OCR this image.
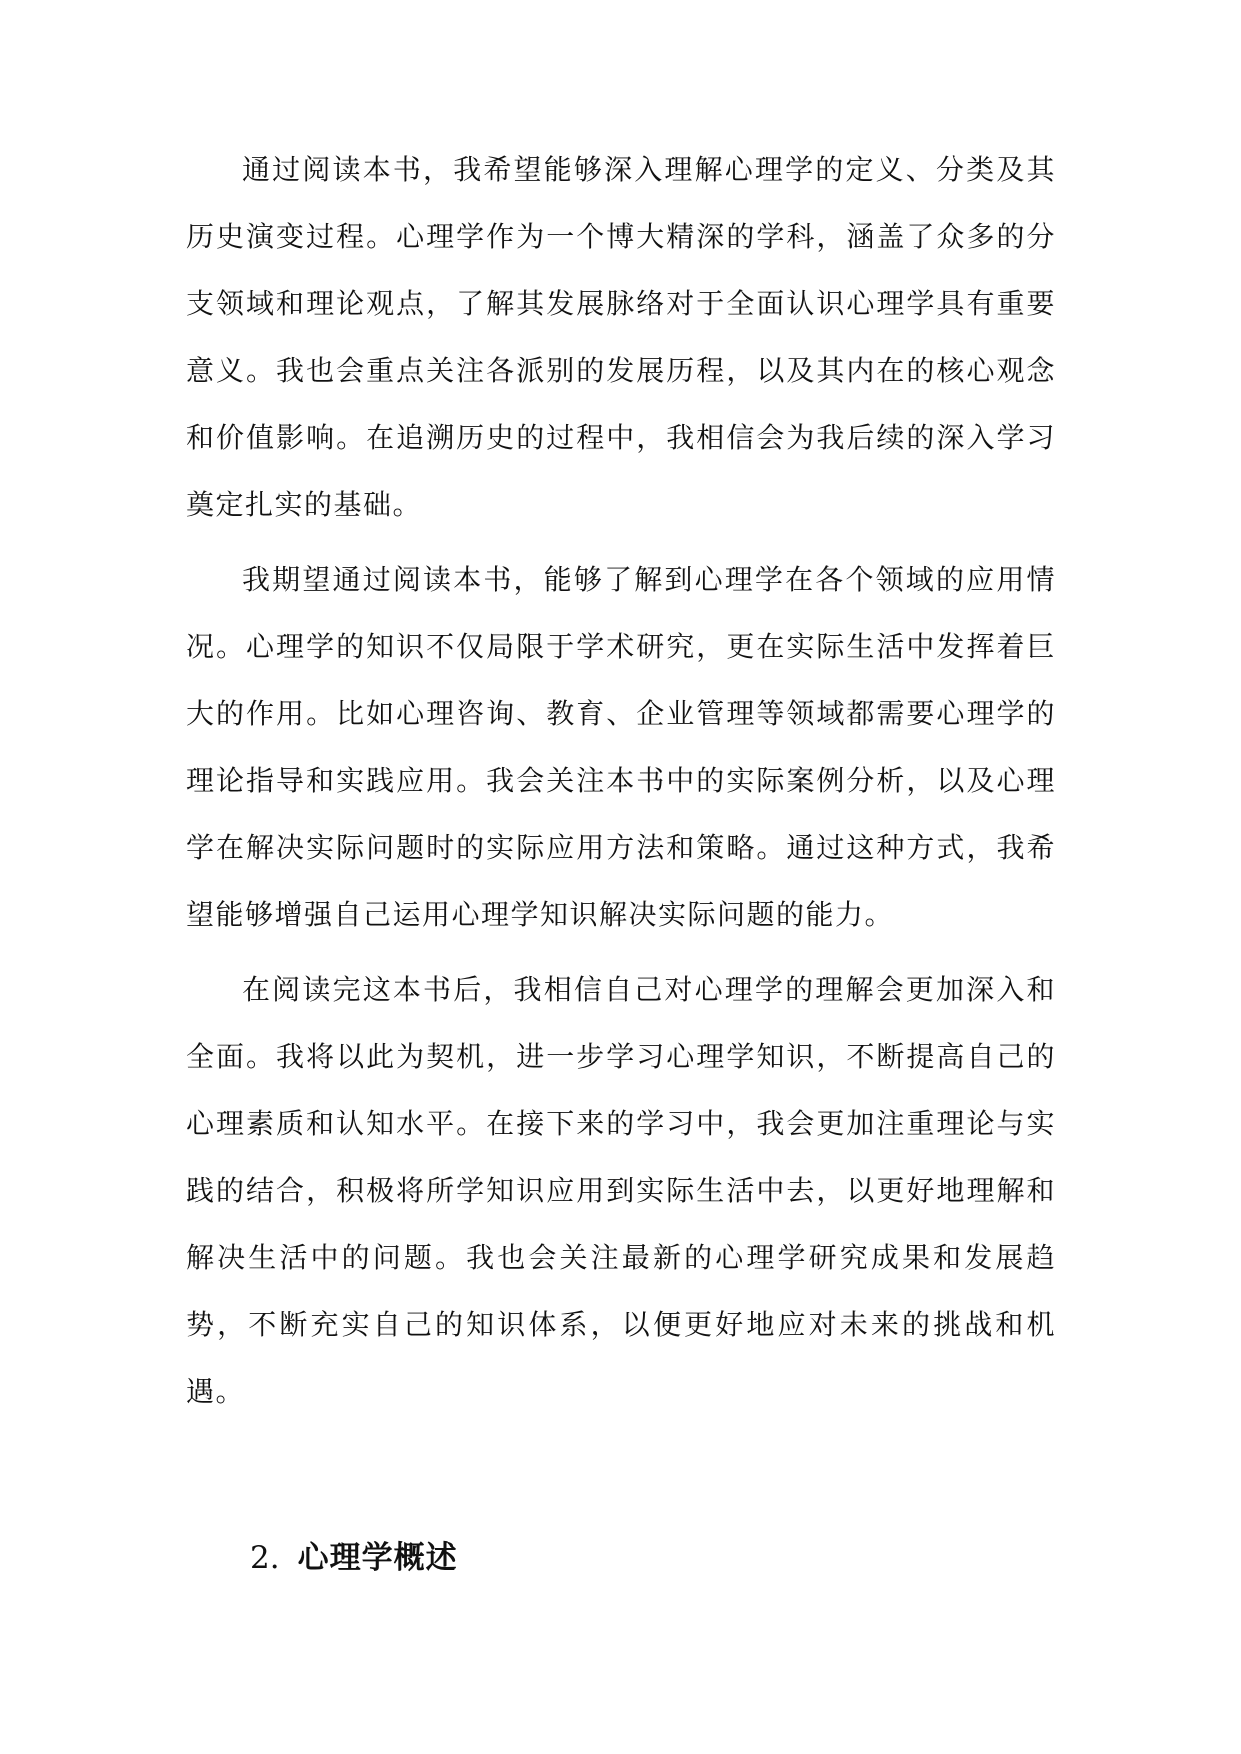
通过阅读本书，我希望能够深入理解心理学的定义、分类及其历史演变过程。心理学作为一个博大精深的学科，涵盖了众多的分支领域和理论观点，了解其发展脉络对于全面认识心理学具有重要意义。我也会重点关注各派别的发展历程，以及其内在的核心观念和价值影响。在追溯历史的过程中，我相信会为我后续的深入学习奠定扎实的基础。

我期望通过阅读本书，能够了解到心理学在各个领域的应用情况。心理学的知识不仅局限于学术研究，更在实际生活中发挥着巨大的作用。比如心理咨询、教育、企业管理等领域都需要心理学的理论指导和实践应用。我会关注本书中的实际案例分析，以及心理学在解决实际问题时的实际应用方法和策略。通过这种方式，我希望能够增强自己运用心理学知识解决实际问题的能力。

在阅读完这本书后，我相信自己对心理学的理解会更加深入和全面。我将以此为契机，进一步学习心理学知识，不断提高自己的心理素质和认知水平。在接下来的学习中，我会更加注重理论与实践的结合，积极将所学知识应用到实际生活中去，以更好地理解和解决生活中的问题。我也会关注最新的心理学研究成果和发展趋势，不断充实自己的知识体系，以便更好地应对未来的挑战和机遇。

2. 心理学概述
